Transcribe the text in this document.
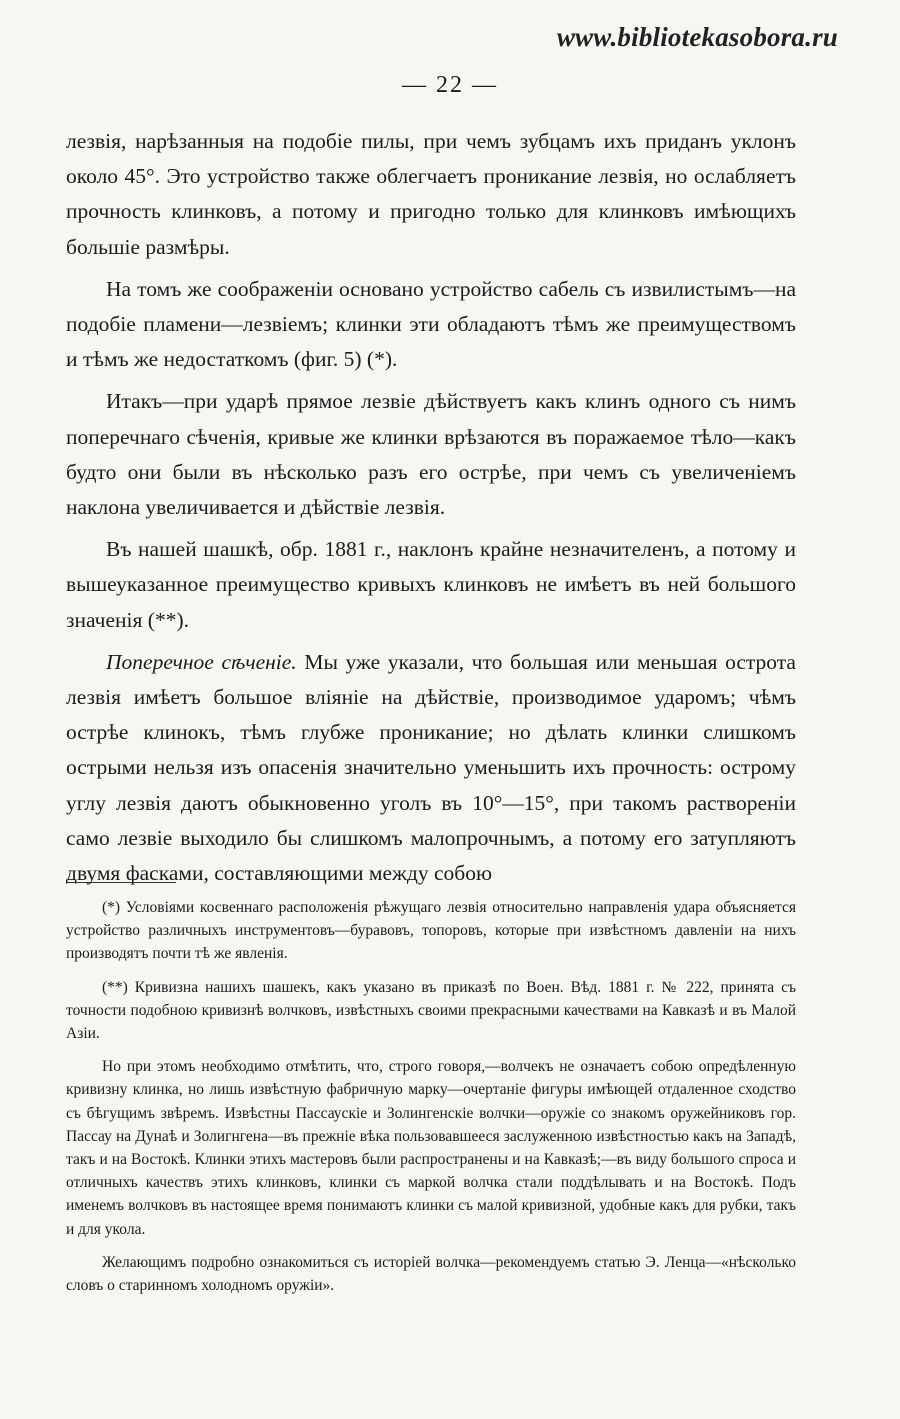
www.bibliotekasobora.ru
— 22 —

лезвія, нарѣзанныя на подобіе пилы, при чемъ зубцамъ ихъ приданъ уклонъ около 45°. Это устройство также облегчаетъ проникание лезвія, но ослабляетъ прочность клинковъ, а потому и пригодно только для клинковъ имѣющихъ большіе размѣры.

На томъ же соображеніи основано устройство сабель съ извилистымъ—на подобіе пламени—лезвіемъ; клинки эти обладаютъ тѣмъ же преимуществомъ и тѣмъ же недостаткомъ (фиг. 5) (*).

Итакъ—при ударѣ прямое лезвіе дѣйствуетъ какъ клинъ одного съ нимъ поперечнаго сѣченія, кривые же клинки врѣзаются въ поражаемое тѣло—какъ будто они были въ нѣсколько разъ его острѣе, при чемъ съ увеличеніемъ наклона увеличивается и дѣйствіе лезвія.

Въ нашей шашкѣ, обр. 1881 г., наклонъ крайне незначителенъ, а потому и вышеуказанное преимущество кривыхъ клинковъ не имѣетъ въ ней большого значенія (**).

Поперечное сѣченіе. Мы уже указали, что большая или меньшая острота лезвія имѣетъ большое вліяніе на дѣйствіе, производимое ударомъ; чѣмъ острѣе клинокъ, тѣмъ глубже проникание; но дѣлать клинки слишкомъ острыми нельзя изъ опасенія значительно уменьшить ихъ прочность: острому углу лезвія даютъ обыкновенно уголъ въ 10°—15°, при такомъ раствореніи само лезвіе выходило бы слишкомъ малопрочнымъ, а потому его затупляютъ двумя фасками, составляющими между собою

(*) Условіями косвеннаго расположенія рѣжущаго лезвія относительно направленія удара объясняется устройство различныхъ инструментовъ—буравовъ, топоровъ, которые при извѣстномъ давленіи на нихъ производятъ почти тѣ же явленія.

(**) Кривизна нашихъ шашекъ, какъ указано въ приказѣ по Воен. Вѣд. 1881 г. № 222, принята съ точности подобною кривизнѣ волчковъ, извѣстныхъ своими прекрасными качествами на Кавказѣ и въ Малой Азіи.

Но при этомъ необходимо отмѣтить, что, строго говоря,—волчекъ не означаетъ собою опредѣленную кривизну клинка, но лишь извѣстную фабричную марку—очертаніе фигуры имѣющей отдаленное сходство съ бѣгущимъ звѣремъ. Извѣстны Пассаускіе и Золингенскіе волчки—оружіе со знакомъ оружейниковъ гор. Пассау на Дунаѣ и Золигнгена—въ прежніе вѣка пользовавшееся заслуженною извѣстностью какъ на Западѣ, такъ и на Востокѣ. Клинки этихъ мастеровъ были распространены и на Кавказѣ;—въ виду большого спроса и отличныхъ качествъ этихъ клинковъ, клинки съ маркой волчка стали поддѣлывать и на Востокѣ. Подъ именемъ волчковъ въ настоящее время понимаютъ клинки съ малой кривизной, удобные какъ для рубки, такъ и для укола.

Желающимъ подробно ознакомиться съ исторіей волчка—рекомендуемъ статью Э. Ленца—«нѣсколько словъ о старинномъ холодномъ оружіи».
